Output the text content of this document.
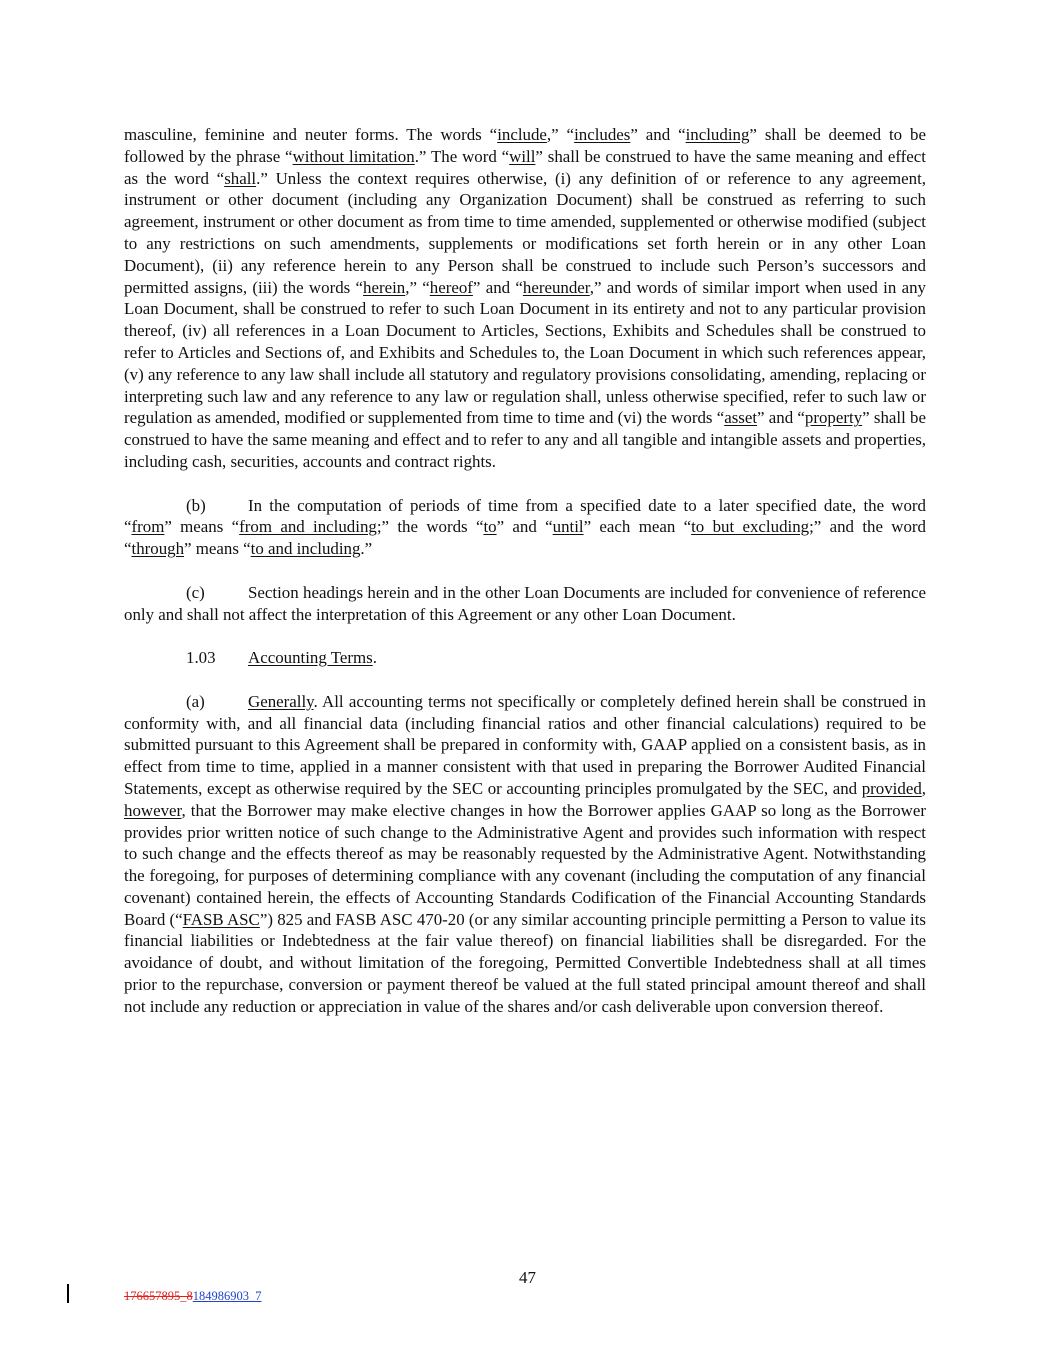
masculine, feminine and neuter forms. The words “include,” “includes” and “including” shall be deemed to be followed by the phrase “without limitation.” The word “will” shall be construed to have the same meaning and effect as the word “shall.” Unless the context requires otherwise, (i) any definition of or reference to any agreement, instrument or other document (including any Organization Document) shall be construed as referring to such agreement, instrument or other document as from time to time amended, supplemented or otherwise modified (subject to any restrictions on such amendments, supplements or modifications set forth herein or in any other Loan Document), (ii) any reference herein to any Person shall be construed to include such Person’s successors and permitted assigns, (iii) the words “herein,” “hereof” and “hereunder,” and words of similar import when used in any Loan Document, shall be construed to refer to such Loan Document in its entirety and not to any particular provision thereof, (iv) all references in a Loan Document to Articles, Sections, Exhibits and Schedules shall be construed to refer to Articles and Sections of, and Exhibits and Schedules to, the Loan Document in which such references appear, (v) any reference to any law shall include all statutory and regulatory provisions consolidating, amending, replacing or interpreting such law and any reference to any law or regulation shall, unless otherwise specified, refer to such law or regulation as amended, modified or supplemented from time to time and (vi) the words “asset” and “property” shall be construed to have the same meaning and effect and to refer to any and all tangible and intangible assets and properties, including cash, securities, accounts and contract rights.

(b)	In the computation of periods of time from a specified date to a later specified date, the word “from” means “from and including;” the words “to” and “until” each mean “to but excluding;” and the word “through” means “to and including.”

(c)	Section headings herein and in the other Loan Documents are included for convenience of reference only and shall not affect the interpretation of this Agreement or any other Loan Document.

1.03 Accounting Terms.

(a)	Generally. All accounting terms not specifically or completely defined herein shall be construed in conformity with, and all financial data (including financial ratios and other financial calculations) required to be submitted pursuant to this Agreement shall be prepared in conformity with, GAAP applied on a consistent basis, as in effect from time to time, applied in a manner consistent with that used in preparing the Borrower Audited Financial Statements, except as otherwise required by the SEC or accounting principles promulgated by the SEC, and provided, however, that the Borrower may make elective changes in how the Borrower applies GAAP so long as the Borrower provides prior written notice of such change to the Administrative Agent and provides such information with respect to such change and the effects thereof as may be reasonably requested by the Administrative Agent. Notwithstanding the foregoing, for purposes of determining compliance with any covenant (including the computation of any financial covenant) contained herein, the effects of Accounting Standards Codification of the Financial Accounting Standards Board (“FASB ASC”) 825 and FASB ASC 470-20 (or any similar accounting principle permitting a Person to value its financial liabilities or Indebtedness at the fair value thereof) on financial liabilities shall be disregarded. For the avoidance of doubt, and without limitation of the foregoing, Permitted Convertible Indebtedness shall at all times prior to the repurchase, conversion or payment thereof be valued at the full stated principal amount thereof and shall not include any reduction or appreciation in value of the shares and/or cash deliverable upon conversion thereof.

47
176657895_8184986903_7
